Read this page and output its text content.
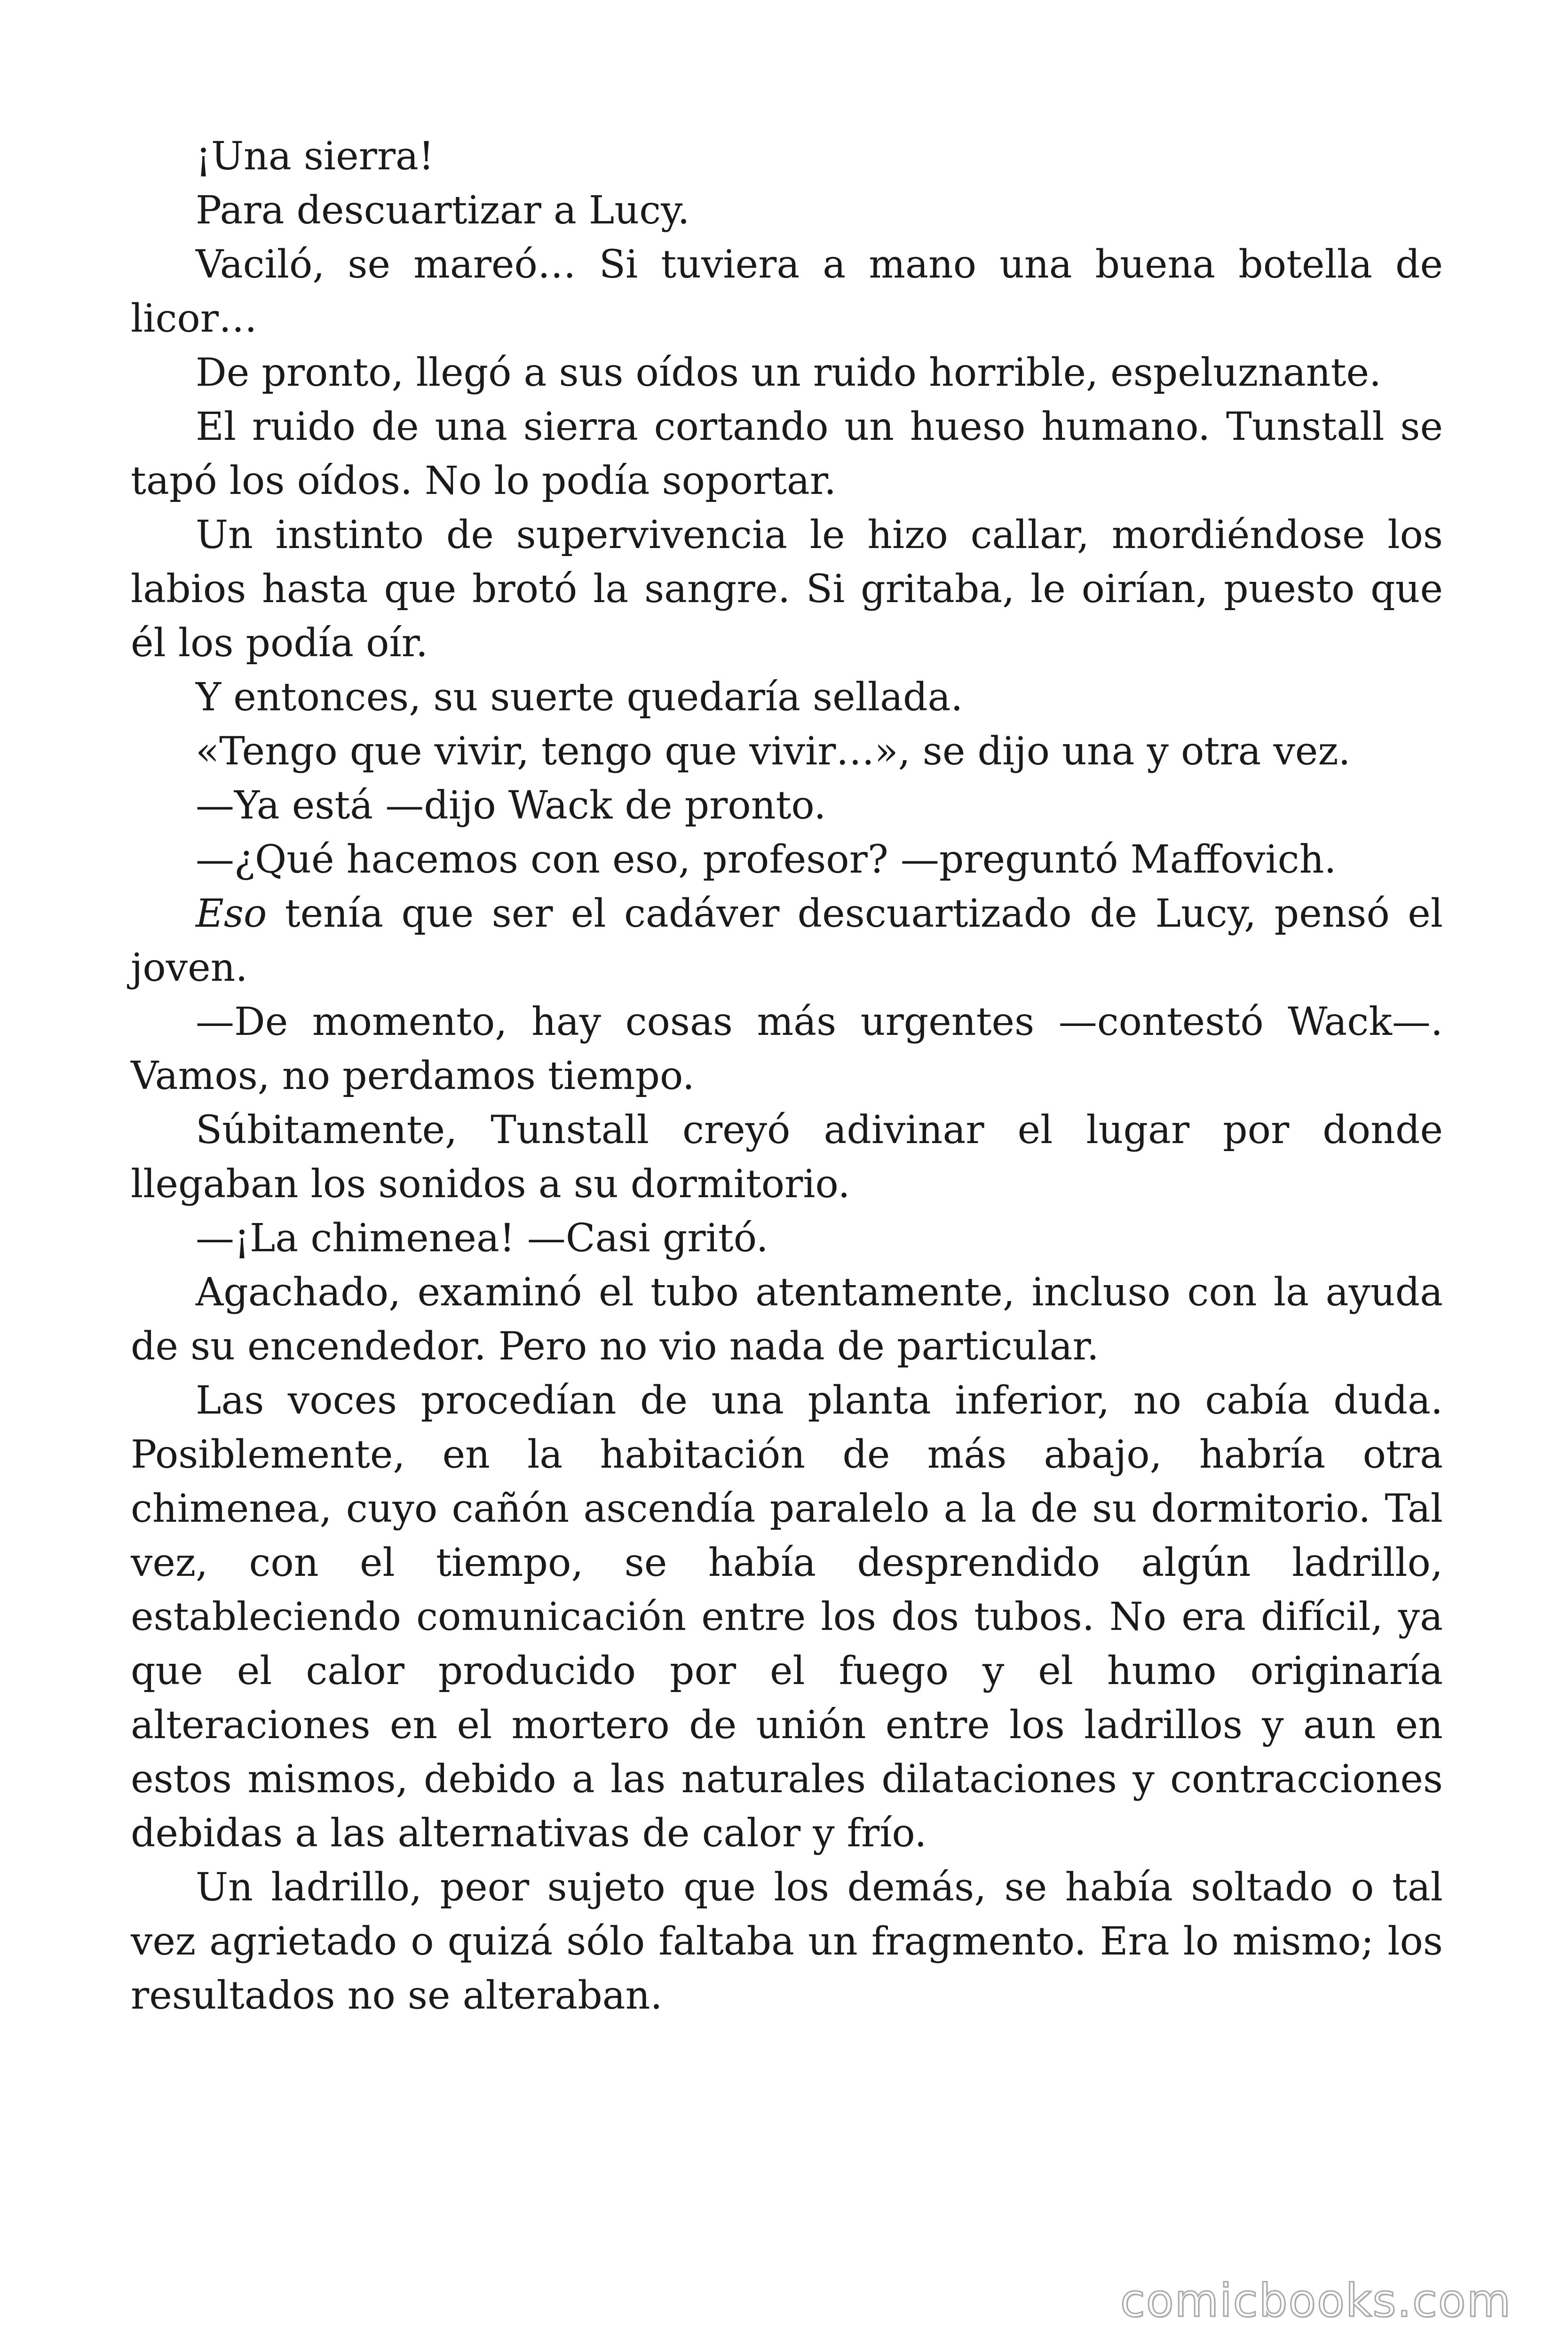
¡Una sierra!

Para descuartizar a Lucy.

Vaciló, se mareó… Si tuviera a mano una buena botella de licor…

De pronto, llegó a sus oídos un ruido horrible, espeluznante.

El ruido de una sierra cortando un hueso humano. Tunstall se tapó los oídos. No lo podía soportar.

Un instinto de supervivencia le hizo callar, mordiéndose los labios hasta que brotó la sangre. Si gritaba, le oirían, puesto que él los podía oír.

Y entonces, su suerte quedaría sellada.

«Tengo que vivir, tengo que vivir…», se dijo una y otra vez.

—Ya está —dijo Wack de pronto.

—¿Qué hacemos con eso, profesor? —preguntó Maffovich.

Eso tenía que ser el cadáver descuartizado de Lucy, pensó el joven.

—De momento, hay cosas más urgentes —contestó Wack—. Vamos, no perdamos tiempo.

Súbitamente, Tunstall creyó adivinar el lugar por donde llegaban los sonidos a su dormitorio.

—¡La chimenea! —Casi gritó.

Agachado, examinó el tubo atentamente, incluso con la ayuda de su encendedor. Pero no vio nada de particular.

Las voces procedían de una planta inferior, no cabía duda. Posiblemente, en la habitación de más abajo, habría otra chimenea, cuyo cañón ascendía paralelo a la de su dormitorio. Tal vez, con el tiempo, se había desprendido algún ladrillo, estableciendo comunicación entre los dos tubos. No era difícil, ya que el calor producido por el fuego y el humo originaría alteraciones en el mortero de unión entre los ladrillos y aun en estos mismos, debido a las naturales dilataciones y contracciones debidas a las alternativas de calor y frío.

Un ladrillo, peor sujeto que los demás, se había soltado o tal vez agrietado o quizá sólo faltaba un fragmento. Era lo mismo; los resultados no se alteraban.

comicbooks.com
